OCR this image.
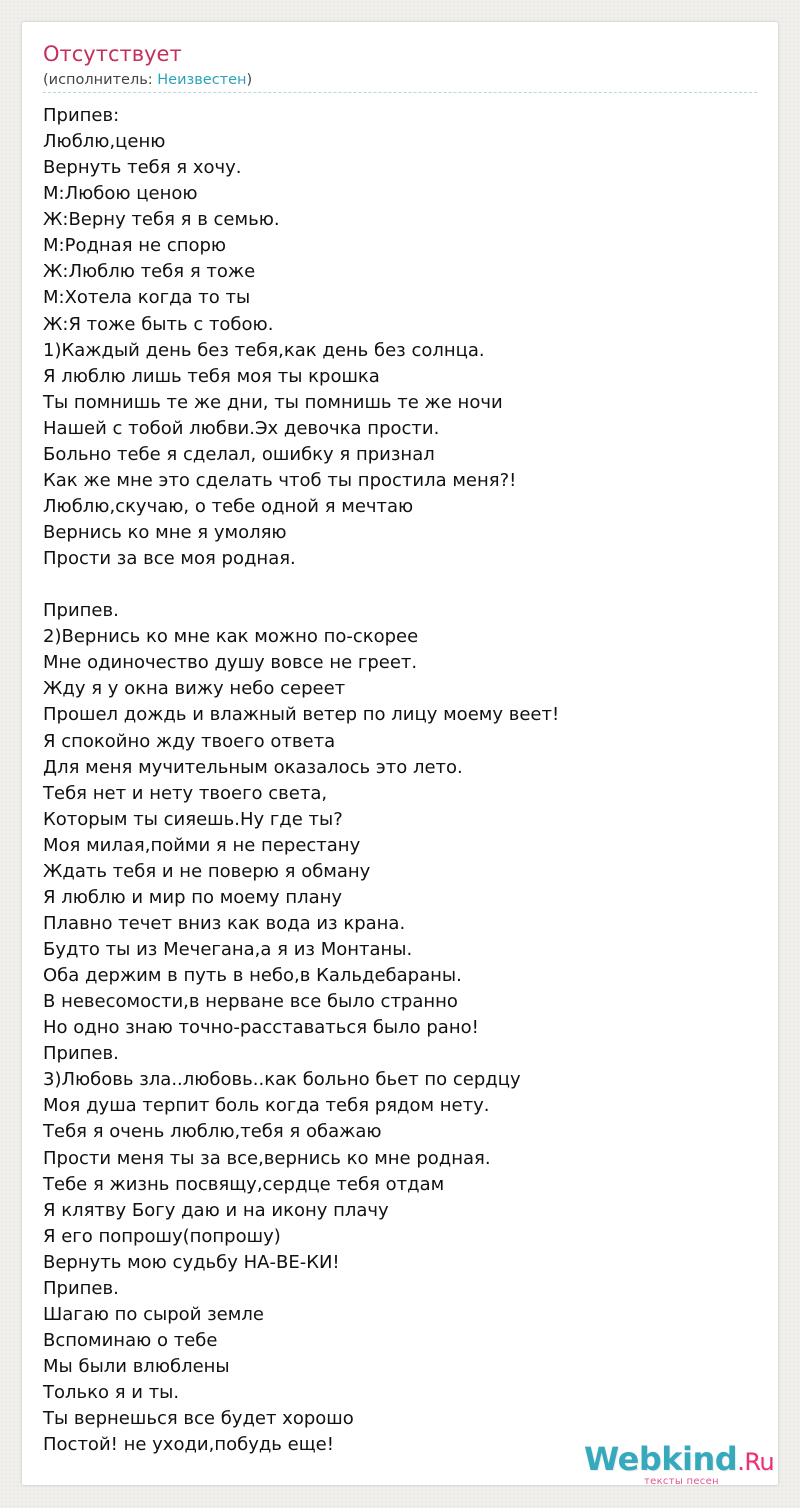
Отсутствует
(исполнитель: Неизвестен)
Припев:
Люблю,ценю
Вернуть тебя я хочу.
М:Любою ценою
Ж:Верну тебя я в семью.
М:Родная не спорю
Ж:Люблю тебя я тоже
М:Хотела когда то ты
Ж:Я тоже быть с тобою.
1)Каждый день без тебя,как день без солнца.
Я люблю лишь тебя моя ты крошка
Ты помнишь те же дни, ты помнишь те же ночи
Нашей с тобой любви.Эх девочка прости.
Больно тебе я сделал, ошибку я признал
Как же мне это сделать чтоб ты простила меня?!
Люблю,скучаю, о тебе одной я мечтаю
Вернись ко мне я умоляю
Прости за все моя родная.
Припев.
2)Вернись ко мне как можно по-скорее
Мне одиночество душу вовсе не греет.
Жду я у окна вижу небо сереет
Прошел дождь и влажный ветер по лицу моему веет!
Я спокойно жду твоего ответа
Для меня мучительным оказалось это лето.
Тебя нет и нету твоего света,
Которым ты сияешь.Ну где ты?
Моя милая,пойми я не перестану
Ждать тебя и не поверю я обману
Я люблю и мир по моему плану
Плавно течет вниз как вода из крана.
Будто ты из Мечегана,а я из Монтаны.
Оба держим в путь в небо,в Кальдебараны.
В невесомости,в нерване все было странно
Но одно знаю точно-расставаться было рано!
Припев.
3)Любовь зла..любовь..как больно бьет по сердцу
Моя душа терпит боль когда тебя рядом нету.
Тебя я очень люблю,тебя я обажаю
Прости меня ты за все,вернись ко мне родная.
Тебе я жизнь посвящу,сердце тебя отдам
Я клятву Богу даю и на икону плачу
Я его попрошу(попрошу)
Вернуть мою судьбу НА-ВЕ-КИ!
Припев.
Шагаю по сырой земле
Вспоминаю о тебе
Мы были влюблены
Только я и ты.
Ты вернешься все будет хорошо
Постой! не уходи,побудь еще!	Webkind.Ru
тексты песен
